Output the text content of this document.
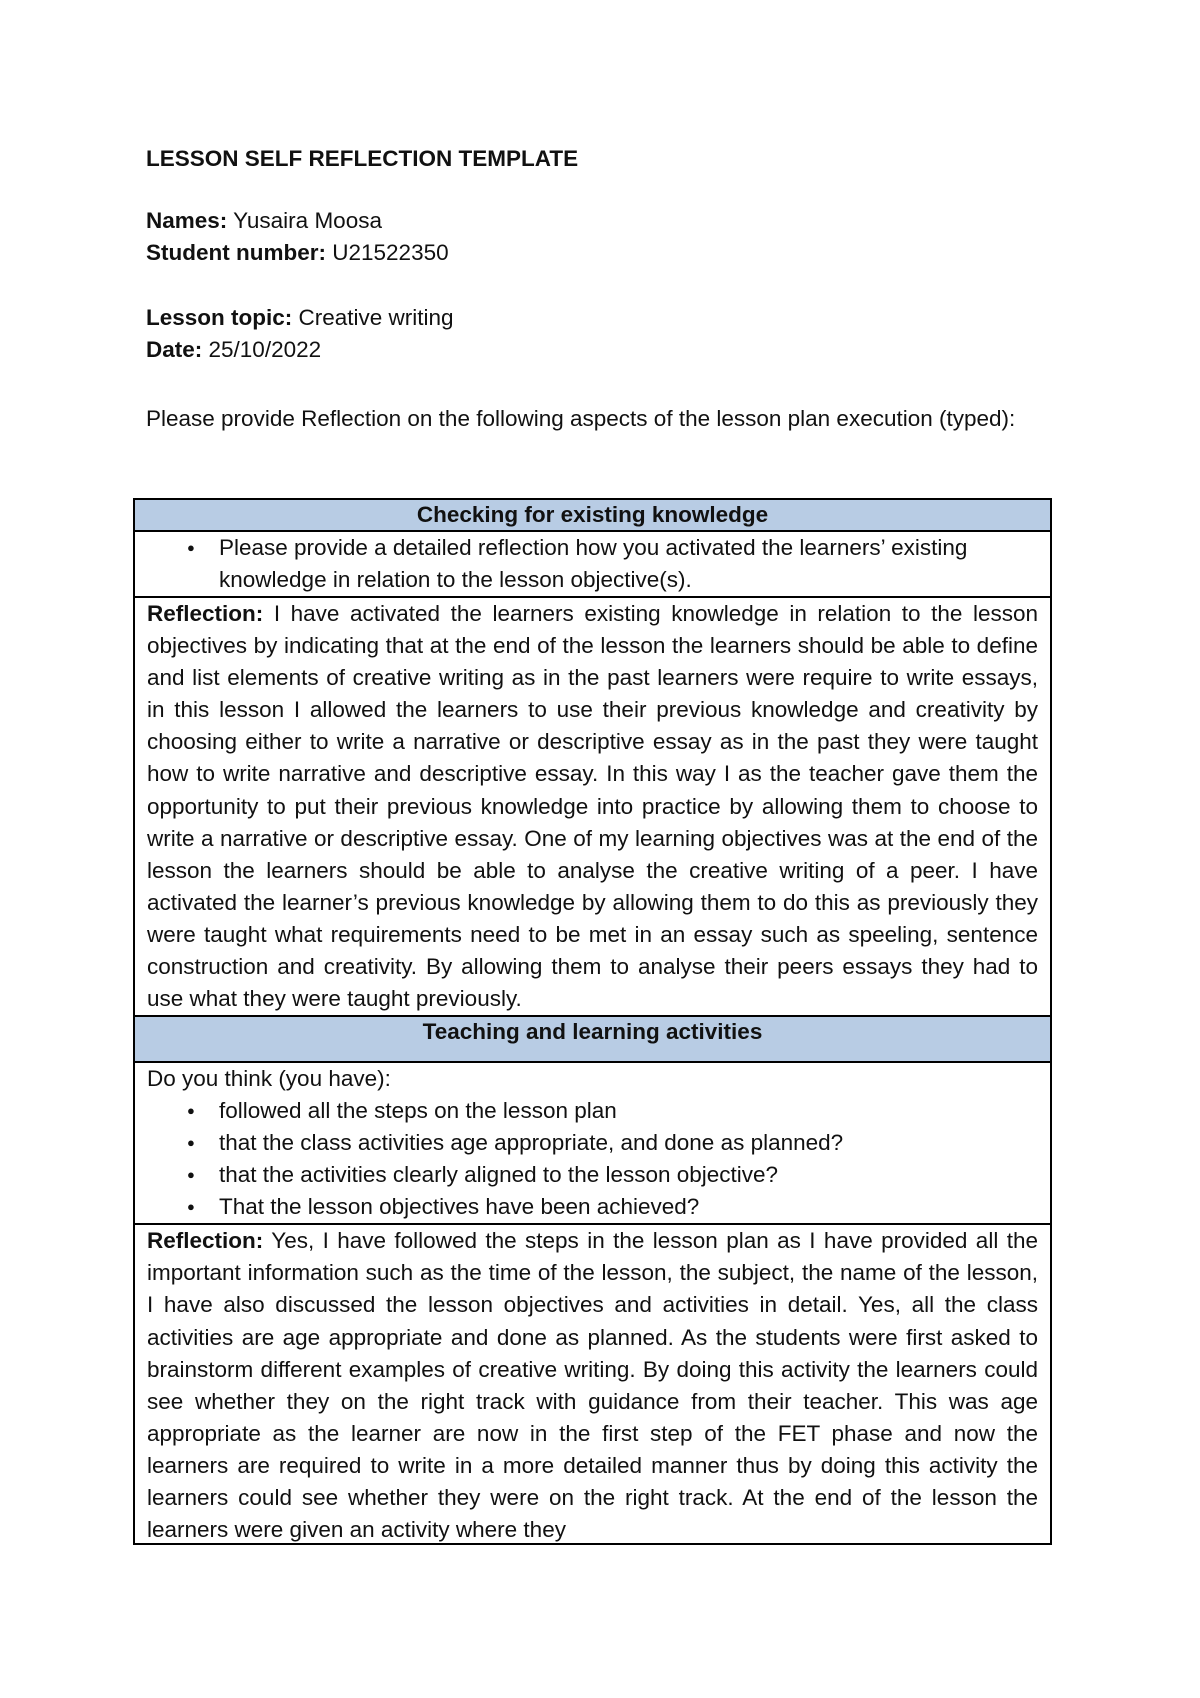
LESSON SELF REFLECTION TEMPLATE
Names: Yusaira Moosa
Student number: U21522350
Lesson topic: Creative writing
Date: 25/10/2022
Please provide Reflection on the following aspects of the lesson plan execution (typed):
Checking for existing knowledge

● Please provide a detailed reflection how you activated the learners’ existing knowledge in relation to the lesson objective(s).

Reflection: I have activated the learners existing knowledge in relation to the lesson objectives by indicating that at the end of the lesson the learners should be able to define and list elements of creative writing as in the past learners were require to write essays, in this lesson I allowed the learners to use their previous knowledge and creativity by choosing either to write a narrative or descriptive essay as in the past they were taught how to write narrative and descriptive essay. In this way I as the teacher gave them the opportunity to put their previous knowledge into practice by allowing them to choose to write a narrative or descriptive essay. One of my learning objectives was at the end of the lesson the learners should be able to analyse the creative writing of a peer. I have activated the learner’s previous knowledge by allowing them to do this as previously they were taught what requirements need to be met in an essay such as speeling, sentence construction and creativity. By allowing them to analyse their peers essays they had to use what they were taught previously.
Teaching and learning activities

Do you think (you have):
● followed all the steps on the lesson plan
● that the class activities age appropriate, and done as planned?
● that the activities clearly aligned to the lesson objective?
● That the lesson objectives have been achieved?

Reflection: Yes, I have followed the steps in the lesson plan as I have provided all the important information such as the time of the lesson, the subject, the name of the lesson, I have also discussed the lesson objectives and activities in detail. Yes, all the class activities are age appropriate and done as planned. As the students were first asked to brainstorm different examples of creative writing. By doing this activity the learners could see whether they on the right track with guidance from their teacher. This was age appropriate as the learner are now in the first step of the FET phase and now the learners are required to write in a more detailed manner thus by doing this activity the learners could see whether they were on the right track. At the end of the lesson the learners were given an activity where they
